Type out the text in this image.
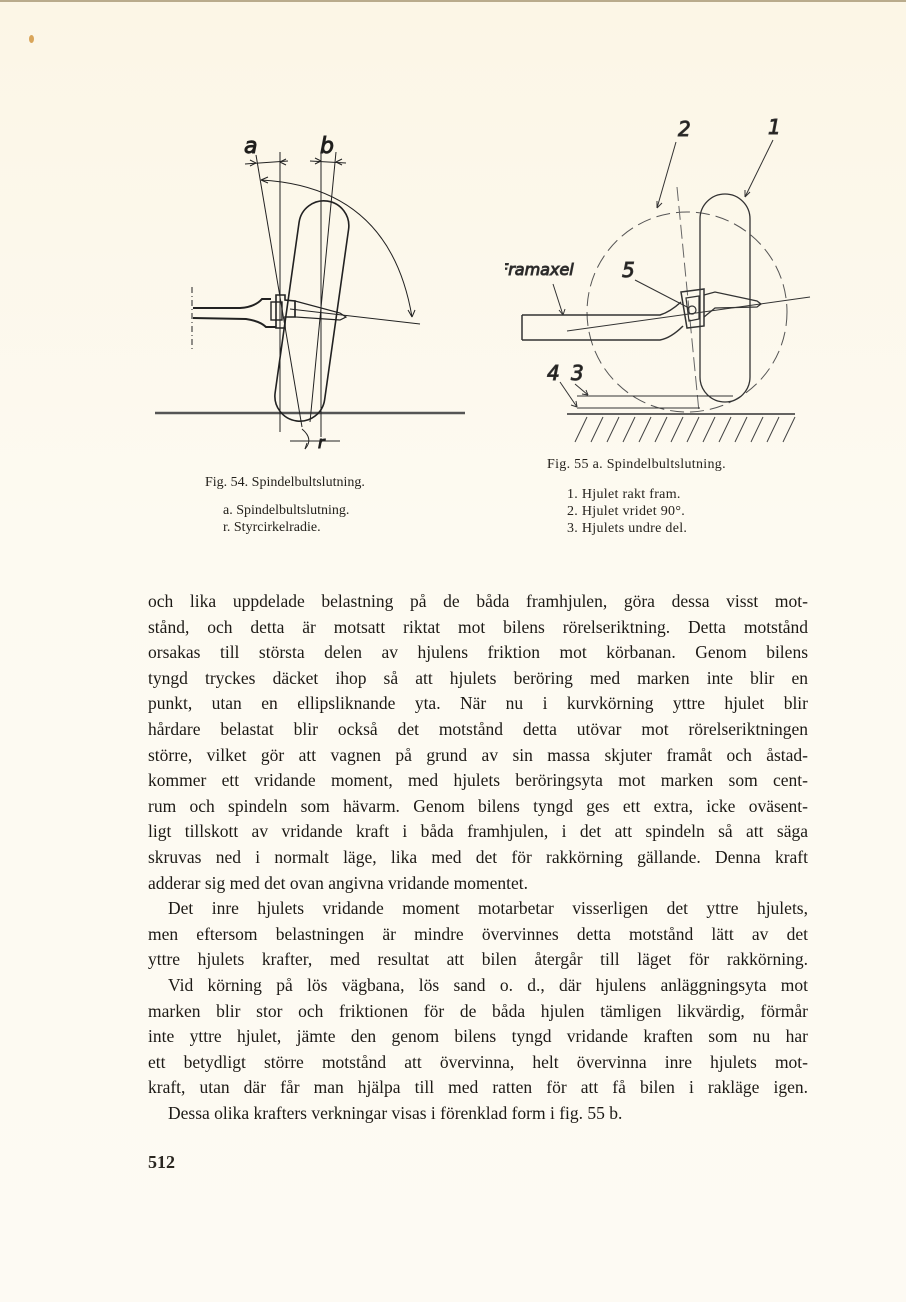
a	b
r
2	1
5
Framaxel
4 3
Fig. 54. Spindelbultslutning.
a. Spindelbultslutning.
r. Styrcirkelradie.
Fig. 55 a. Spindelbultslutning.
1. Hjulet rakt fram.
2. Hjulet vridet 90°.
3. Hjulets undre del.

och lika uppdelade belastning på de båda framhjulen, göra dessa visst mot-
stånd, och detta är motsatt riktat mot bilens rörelseriktning. Detta motstånd
orsakas till största delen av hjulens friktion mot körbanan. Genom bilens
tyngd tryckes däcket ihop så att hjulets beröring med marken inte blir en
punkt, utan en ellipsliknande yta. När nu i kurvkörning yttre hjulet blir
hårdare belastat blir också det motstånd detta utövar mot rörelseriktningen
större, vilket gör att vagnen på grund av sin massa skjuter framåt och åstad-
kommer ett vridande moment, med hjulets beröringsyta mot marken som cent-
rum och spindeln som hävarm. Genom bilens tyngd ges ett extra, icke oväsent-
ligt tillskott av vridande kraft i båda framhjulen, i det att spindeln så att säga
skruvas ned i normalt läge, lika med det för rakkörning gällande. Denna kraft
adderar sig med det ovan angivna vridande momentet.

Det inre hjulets vridande moment motarbetar visserligen det yttre hjulets,
men eftersom belastningen är mindre övervinnes detta motstånd lätt av det
yttre hjulets krafter, med resultat att bilen återgår till läget för rakkörning.

Vid körning på lös vägbana, lös sand o. d., där hjulens anläggningsyta mot
marken blir stor och friktionen för de båda hjulen tämligen likvärdig, förmår
inte yttre hjulet, jämte den genom bilens tyngd vridande kraften som nu har
ett betydligt större motstånd att övervinna, helt övervinna inre hjulets mot-
kraft, utan där får man hjälpa till med ratten för att få bilen i rakläge igen.

Dessa olika krafters verkningar visas i förenklad form i fig. 55 b.

512
